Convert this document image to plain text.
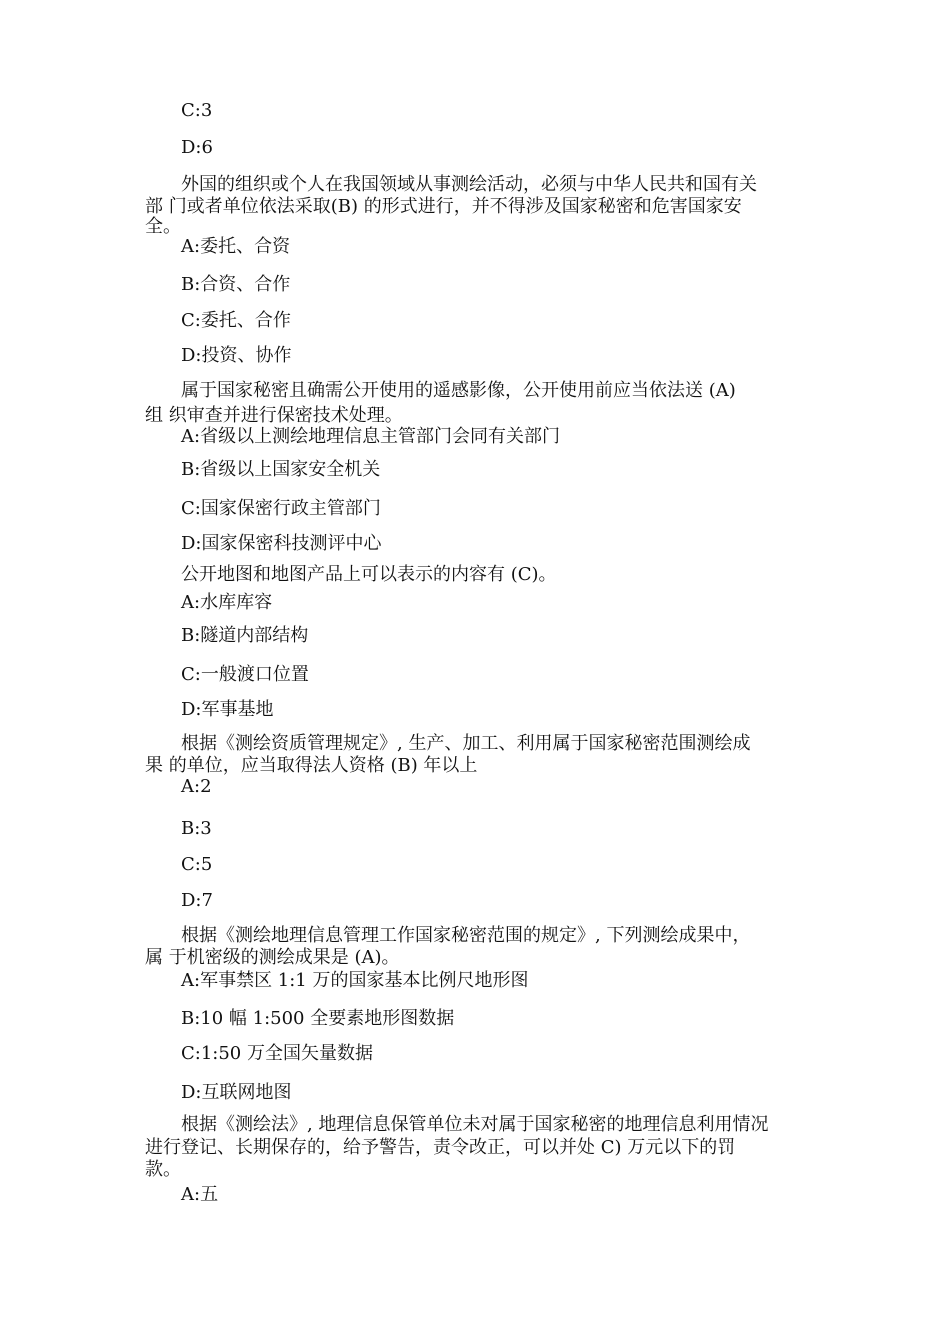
C:3

D:6

外国的组织或个人在我国领域从事测绘活动，必须与中华人民共和国有关

部 门或者单位依法采取(B) 的形式进行，并不得涉及国家秘密和危害国家安

全。

A:委托、合资

B:合资、合作

C:委托、合作

D:投资、协作

属于国家秘密且确需公开使用的遥感影像，公开使用前应当依法送 (A)

组 织审查并进行保密技术处理。

A:省级以上测绘地理信息主管部门会同有关部门

B:省级以上国家安全机关

C:国家保密行政主管部门

D:国家保密科技测评中心

公开地图和地图产品上可以表示的内容有 (C)。

A:水库库容

B:隧道内部结构

C:一般渡口位置

D:军事基地

根据《测绘资质管理规定》, 生产、加工、利用属于国家秘密范围测绘成

果 的单位，应当取得法人资格 (B) 年以上

A:2

B:3

C:5

D:7

根据《测绘地理信息管理工作国家秘密范围的规定》, 下列测绘成果中，

属 于机密级的测绘成果是 (A)。

A:军事禁区 1:1 万的国家基本比例尺地形图

B:10 幅 1:500 全要素地形图数据

C:1:50 万全国矢量数据

D:互联网地图

根据《测绘法》, 地理信息保管单位未对属于国家秘密的地理信息利用情况

进行登记、长期保存的，给予警告，责令改正，可以并处 C) 万元以下的罚

款。

A:五
